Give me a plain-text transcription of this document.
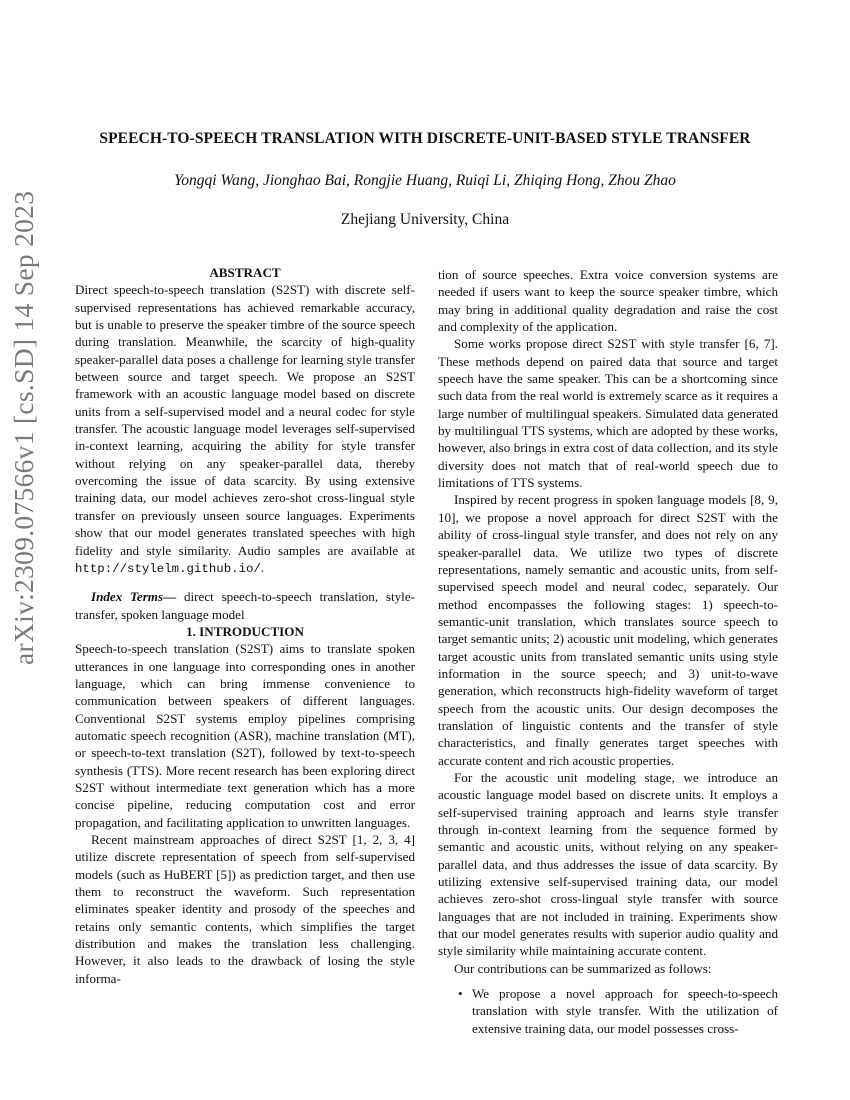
arXiv:2309.07566v1 [cs.SD] 14 Sep 2023
SPEECH-TO-SPEECH TRANSLATION WITH DISCRETE-UNIT-BASED STYLE TRANSFER
Yongqi Wang, Jionghao Bai, Rongjie Huang, Ruiqi Li, Zhiqing Hong, Zhou Zhao
Zhejiang University, China

ABSTRACT

Direct speech-to-speech translation (S2ST) with discrete self-supervised representations has achieved remarkable accuracy, but is unable to preserve the speaker timbre of the source speech during translation. Meanwhile, the scarcity of high-quality speaker-parallel data poses a challenge for learning style transfer between source and target speech. We propose an S2ST framework with an acoustic language model based on discrete units from a self-supervised model and a neural codec for style transfer. The acoustic language model leverages self-supervised in-context learning, acquiring the ability for style transfer without relying on any speaker-parallel data, thereby overcoming the issue of data scarcity. By using extensive training data, our model achieves zero-shot cross-lingual style transfer on previously unseen source languages. Experiments show that our model generates translated speeches with high fidelity and style similarity. Audio samples are available at http://stylelm.github.io/.

Index Terms— direct speech-to-speech translation, style-transfer, spoken language model

1. INTRODUCTION

Speech-to-speech translation (S2ST) aims to translate spoken utterances in one language into corresponding ones in another language, which can bring immense convenience to communication between speakers of different languages. Conventional S2ST systems employ pipelines comprising automatic speech recognition (ASR), machine translation (MT), or speech-to-text translation (S2T), followed by text-to-speech synthesis (TTS). More recent research has been exploring direct S2ST without intermediate text generation which has a more concise pipeline, reducing computation cost and error propagation, and facilitating application to unwritten languages.

Recent mainstream approaches of direct S2ST [1, 2, 3, 4] utilize discrete representation of speech from self-supervised models (such as HuBERT [5]) as prediction target, and then use them to reconstruct the waveform. Such representation eliminates speaker identity and prosody of the speeches and retains only semantic contents, which simplifies the target distribution and makes the translation less challenging. However, it also leads to the drawback of losing the style informa-

tion of source speeches. Extra voice conversion systems are needed if users want to keep the source speaker timbre, which may bring in additional quality degradation and raise the cost and complexity of the application.

Some works propose direct S2ST with style transfer [6, 7]. These methods depend on paired data that source and target speech have the same speaker. This can be a shortcoming since such data from the real world is extremely scarce as it requires a large number of multilingual speakers. Simulated data generated by multilingual TTS systems, which are adopted by these works, however, also brings in extra cost of data collection, and its style diversity does not match that of real-world speech due to limitations of TTS systems.

Inspired by recent progress in spoken language models [8, 9, 10], we propose a novel approach for direct S2ST with the ability of cross-lingual style transfer, and does not rely on any speaker-parallel data. We utilize two types of discrete representations, namely semantic and acoustic units, from self-supervised speech model and neural codec, separately. Our method encompasses the following stages: 1) speech-to-semantic-unit translation, which translates source speech to target semantic units; 2) acoustic unit modeling, which generates target acoustic units from translated semantic units using style information in the source speech; and 3) unit-to-wave generation, which reconstructs high-fidelity waveform of target speech from the acoustic units. Our design decomposes the translation of linguistic contents and the transfer of style characteristics, and finally generates target speeches with accurate content and rich acoustic properties.

For the acoustic unit modeling stage, we introduce an acoustic language model based on discrete units. It employs a self-supervised training approach and learns style transfer through in-context learning from the sequence formed by semantic and acoustic units, without relying on any speaker-parallel data, and thus addresses the issue of data scarcity. By utilizing extensive self-supervised training data, our model achieves zero-shot cross-lingual style transfer with source languages that are not included in training. Experiments show that our model generates results with superior audio quality and style similarity while maintaining accurate content.

Our contributions can be summarized as follows:

• We propose a novel approach for speech-to-speech translation with style transfer. With the utilization of extensive training data, our model possesses cross-
